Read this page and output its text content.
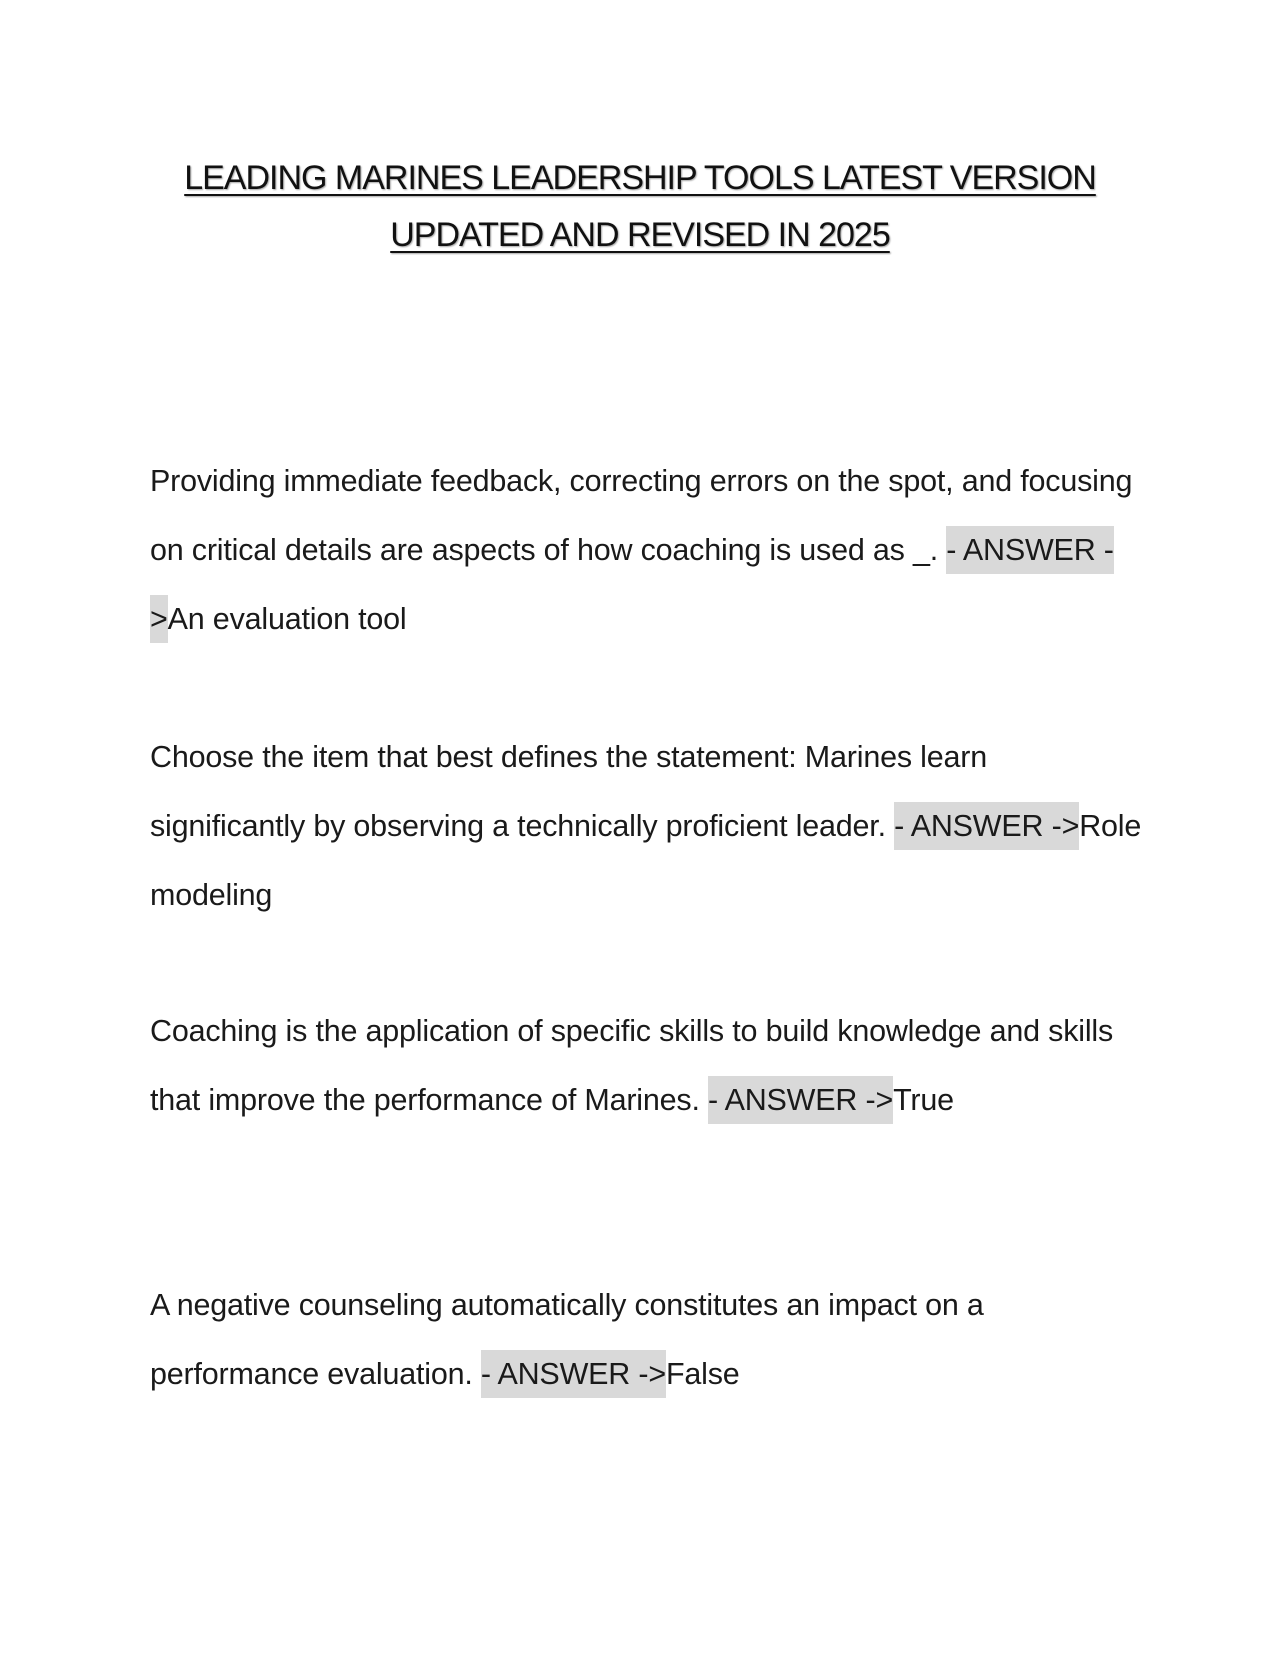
LEADING MARINES LEADERSHIP TOOLS LATEST VERSION
UPDATED AND REVISED IN 2025
Providing immediate feedback, correcting errors on the spot, and focusing on critical details are aspects of how coaching is used as _. - ANSWER ->An evaluation tool
Choose the item that best defines the statement: Marines learn significantly by observing a technically proficient leader. - ANSWER ->Role modeling
Coaching is the application of specific skills to build knowledge and skills that improve the performance of Marines. - ANSWER ->True
A negative counseling automatically constitutes an impact on a performance evaluation. - ANSWER ->False
